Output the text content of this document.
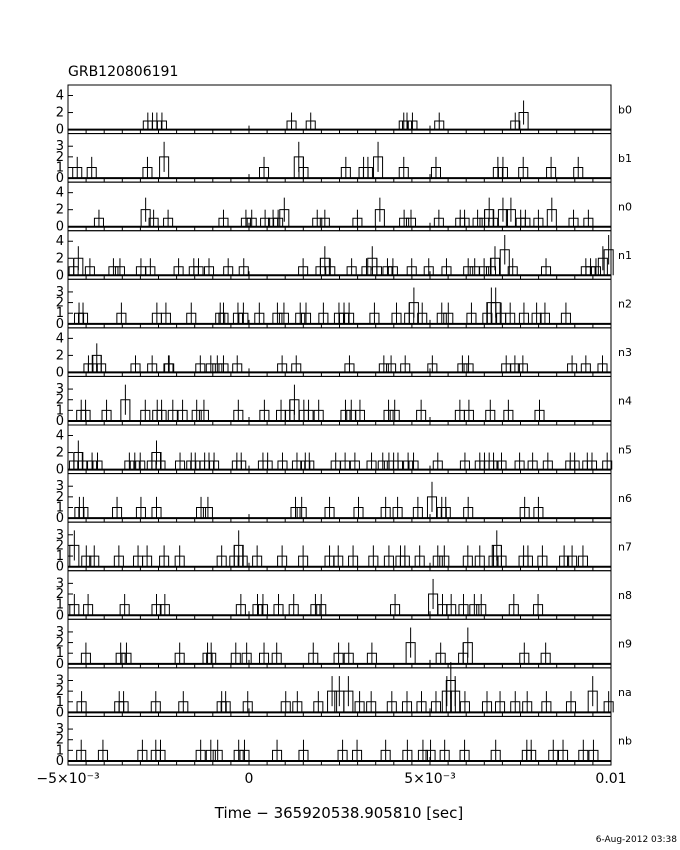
GRB120806191
4
2
0
b0
3
2
1
0
b1
4
2
0
n0
4
2
0
n1
3
2
1
0
n2
4
2
0
n3
3
2
1
0
n4
4
2
0
n5
3
2
1
0
n6
3
2
1
0
n7
3
2
1
0
n8
3
2
1
0
n9
3
2
1
0
na
3
2
1
0
nb
−5×10⁻³	0	5×10⁻³	0.01
Time − 365920538.905810 [sec]
6-Aug-2012 03:38
